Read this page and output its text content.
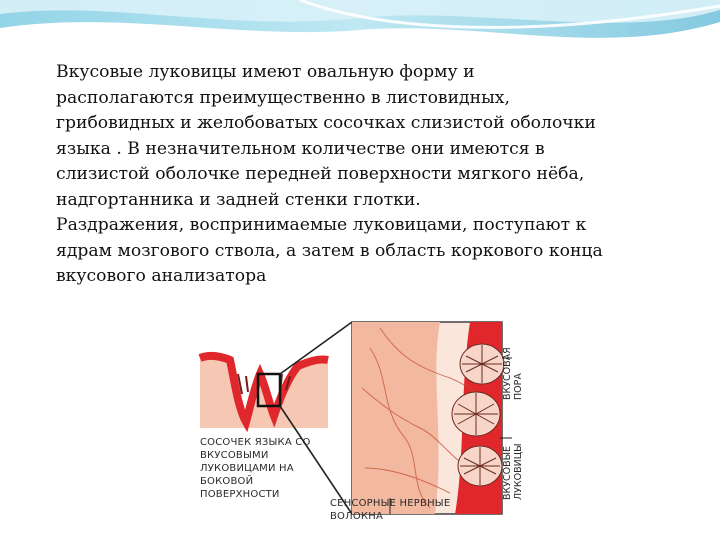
Вкусовые луковицы имеют овальную форму и
располагаются преимущественно в листовидных,
грибовидных и желобоватых сосочках слизистой оболочки
языка . В незначительном количестве они имеются в
слизистой оболочке передней поверхности мягкого нёба,
надгортанника и задней стенки глотки.
Раздражения, воспринимаемые луковицами, поступают к
ядрам мозгового ствола, а затем в область коркового конца
вкусового анализатора
СОСОЧЕК ЯЗЫКА СО ВКУСОВЫМИ ЛУКОВИЦАМИ НА БОКОВОЙ ПОВЕРХНОСТИ
СЕНСОРНЫЕ НЕРВНЫЕ ВОЛОКНА
ВКУСОВАЯ
ПОРА
ВКУСОВЫЕ
ЛУКОВИЦЫ
